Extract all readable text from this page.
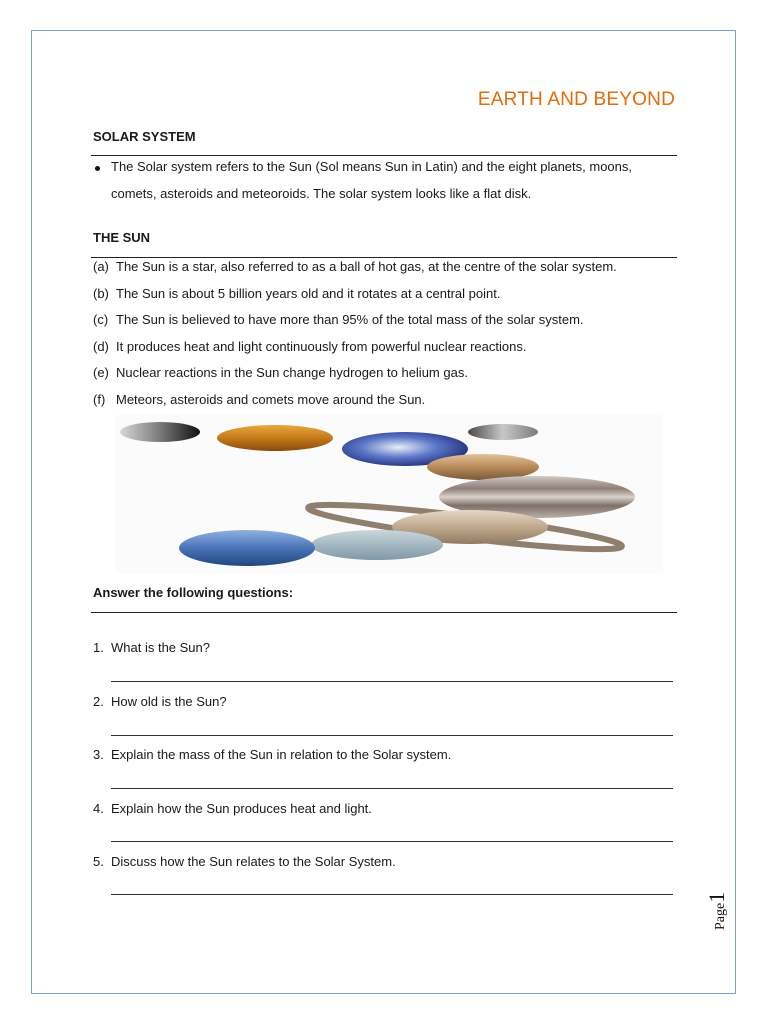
EARTH AND BEYOND
SOLAR SYSTEM
The Solar system refers to the Sun (Sol means Sun in Latin) and the eight planets, moons,
comets, asteroids and meteoroids. The solar system looks like a flat disk.
THE SUN
(a) The Sun is a star, also referred to as a ball of hot gas, at the centre of the solar system.
(b) The Sun is about 5 billion years old and it rotates at a central point.
(c) The Sun is believed to have more than 95% of the total mass of the solar system.
(d) It produces heat and light continuously from powerful nuclear reactions.
(e) Nuclear reactions in the Sun change hydrogen to helium gas.
(f) Meteors, asteroids and comets move around the Sun.
Answer the following questions:
1. What is the Sun?
2. How old is the Sun?
3. Explain the mass of the Sun in relation to the Solar system.
4. Explain how the Sun produces heat and light.
5. Discuss how the Sun relates to the Solar System.
Page1
